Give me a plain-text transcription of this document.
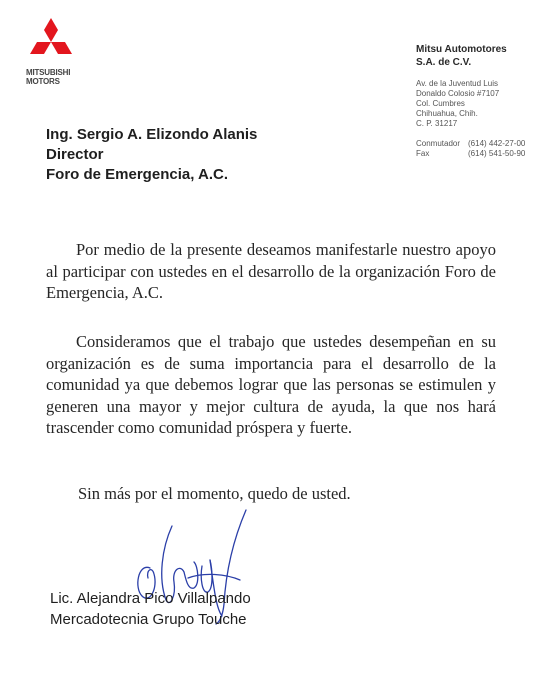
MITSUBISHI
MOTORS
Mitsu Automotores
S.A. de C.V.
Av. de la Juventud Luis
Donaldo Colosio #7107
Col. Cumbres
Chihuahua, Chih.
C. P. 31217
Conmutador (614) 442-27-00
Fax	(614) 541-50-90
Ing. Sergio A. Elizondo Alanis
Director
Foro de Emergencia, A.C.

Por medio de la presente deseamos manifestarle nuestro apoyo al participar con ustedes en el desarrollo de la organización Foro de Emergencia, A.C.

Consideramos que el trabajo que ustedes desempeñan en su organización es de suma importancia para el desarrollo de la comunidad ya que debemos lograr que las personas se estimulen y generen una mayor y mejor cultura de ayuda, la que nos hará trascender como comunidad próspera y fuerte.

Sin más por el momento, quedo de usted.
Lic. Alejandra Pico Villalpando
Mercadotecnia Grupo Touche
